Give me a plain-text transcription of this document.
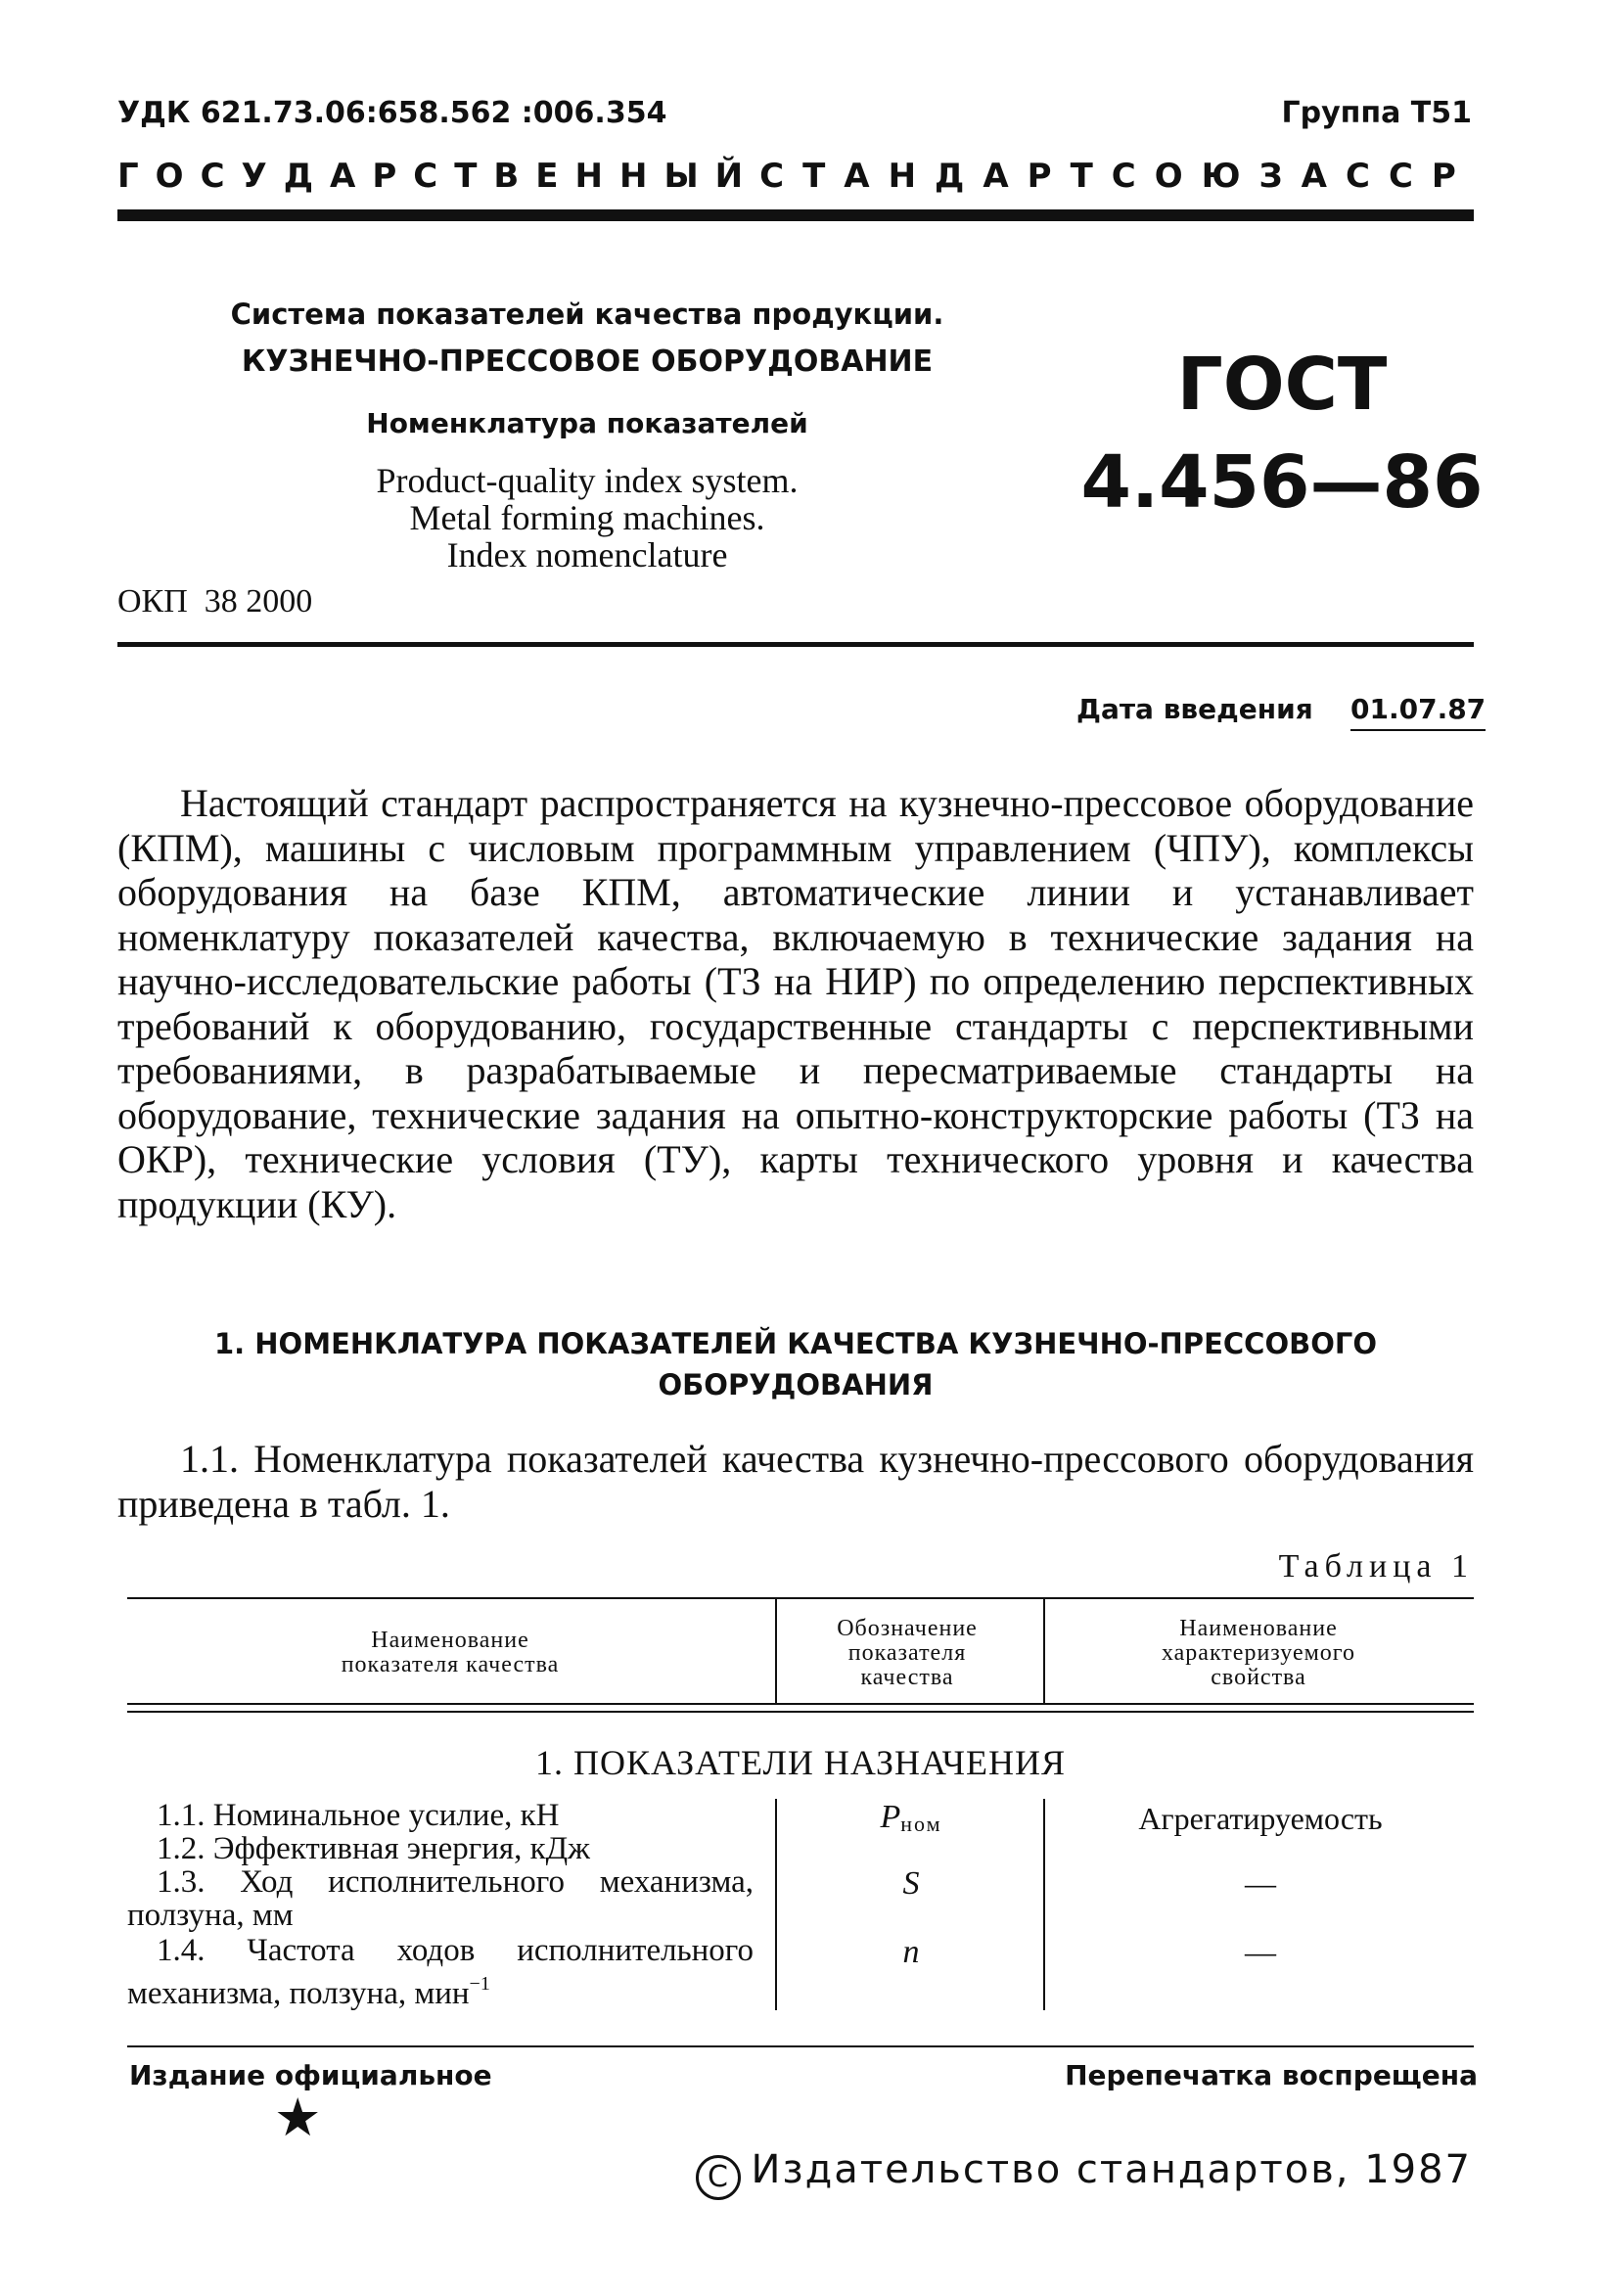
УДК 621.73.06:658.562 :006.354	Группа Т51
ГОСУДАРСТВЕННЫЙ СТАНДАРТ СОЮЗА ССР
Система показателей качества продукции.
КУЗНЕЧНО-ПРЕССОВОЕ ОБОРУДОВАНИЕ
Номенклатура показателей
Product-quality index system.
Metal forming machines.
Index nomenclature
ГОСТ
4.456—86
ОКП  38 2000
Дата введения 01.07.87

Настоящий стандарт распространяется на кузнечно-прессовое оборудование (КПМ), машины с числовым программным управлением (ЧПУ), комплексы оборудования на базе КПМ, автоматические линии и устанавливает номенклатуру показателей качества, включаемую в технические задания на научно-исследовательские работы (ТЗ на НИР) по определению перспективных требований к оборудованию, государственные стандарты с перспективными требованиями, в разрабатываемые и пересматриваемые стандарты на оборудование, технические задания на опытно-конструкторские работы (ТЗ на ОКР), технические условия (ТУ), карты технического уровня и качества продукции (КУ).

1. НОМЕНКЛАТУРА ПОКАЗАТЕЛЕЙ КАЧЕСТВА КУЗНЕЧНО-ПРЕССОВОГО
ОБОРУДОВАНИЯ

1.1. Номенклатура показателей качества кузнечно-прессового оборудования приведена в табл. 1.

Таблица 1
Наименование
показателя качества
Обозначение
показателя
качества
Наименование
характеризуемого
свойства
1. ПОКАЗАТЕЛИ НАЗНАЧЕНИЯ

1.1. Номинальное усилие, кН

1.2. Эффективная энергия, кДж

1.3. Ход исполнительного механизма, ползуна, мм

1.4. Частота ходов исполнительного механизма, ползуна, мин$^{-1}$

Pном
S
n
Агрегатируемость
—
—
Издание официальное	Перепечатка воспрещена
★
C Издательство стандартов, 1987
